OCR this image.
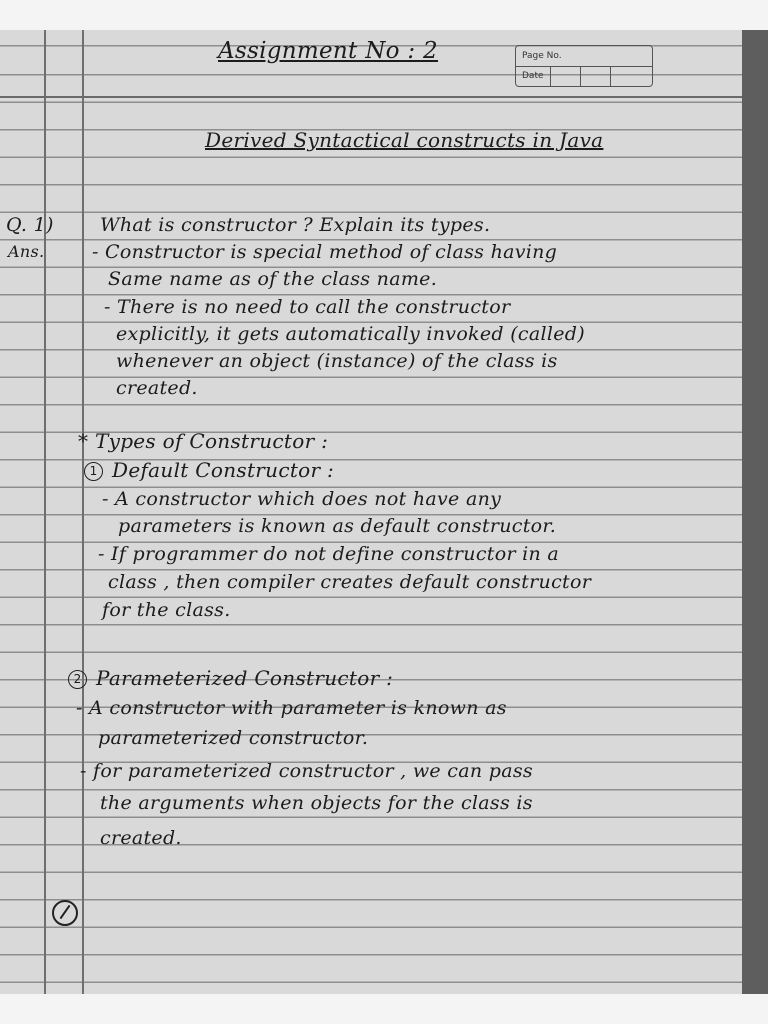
Assignment No : 2	Page No.
Date
Derived Syntactical constructs in Java
Q. 1) What is constructor ? Explain its types.
Ans.	- Constructor is special method of class having
Same name as of the class name.
- There is no need to call the constructor
explicitly, it gets automatically invoked (called)
whenever an object (instance) of the class is
created.
* Types of Constructor :
1 Default Constructor :
- A constructor which does not have any
parameters is known as default constructor.
- If programmer do not define constructor in a
class , then compiler creates default constructor
for the class.
2 Parameterized Constructor :
- A constructor with parameter is known as
parameterized constructor.
- for parameterized constructor , we can pass
the arguments when objects for the class is
created.
